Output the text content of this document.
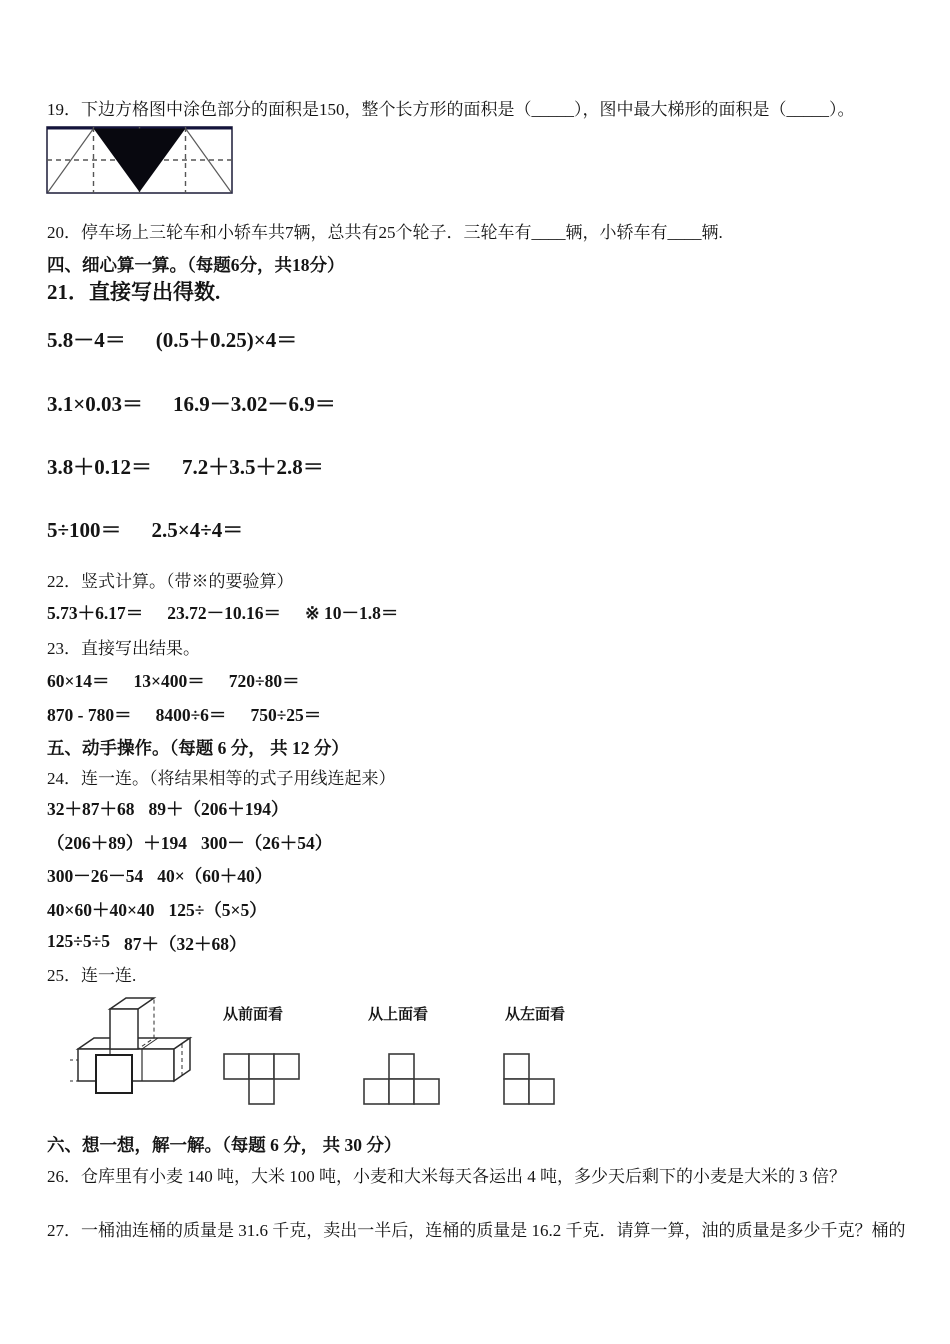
19．下边方格图中涂色部分的面积是150，整个长方形的面积是（_____），图中最大梯形的面积是（_____）。
20．停车场上三轮车和小轿车共7辆，总共有25个轮子．三轮车有____辆，小轿车有____辆.
四、细心算一算。（每题6分，共18分）
21．直接写出得数.
5.8－4＝ (0.5＋0.25)×4＝
3.1×0.03＝ 16.9－3.02－6.9＝
3.8＋0.12＝ 7.2＋3.5＋2.8＝
5÷100＝ 2.5×4÷4＝
22．竖式计算。（带※的要验算）
5.73＋6.17＝ 23.72－10.16＝ ※ 10－1.8＝
23．直接写出结果。
60×14＝ 13×400＝ 720÷80＝
870 - 780＝ 8400÷6＝ 750÷25＝
五、动手操作。（每题 6 分， 共 12 分）
24．连一连。（将结果相等的式子用线连起来）
32＋87＋68 89＋（206＋194）
（206＋89）＋194 300－（26＋54）
300－26－54 40×（60＋40）
40×60＋40×40 125÷（5×5）
125÷5÷5 87＋（32＋68）
25．连一连.
从前面看	从上面看	从左面看
六、想一想，解一解。（每题 6 分， 共 30 分）
26．仓库里有小麦 140 吨，大米 100 吨，小麦和大米每天各运出 4 吨，多少天后剩下的小麦是大米的 3 倍？
27．一桶油连桶的质量是 31.6 千克，卖出一半后，连桶的质量是 16.2 千克．请算一算，油的质量是多少千克？桶的
